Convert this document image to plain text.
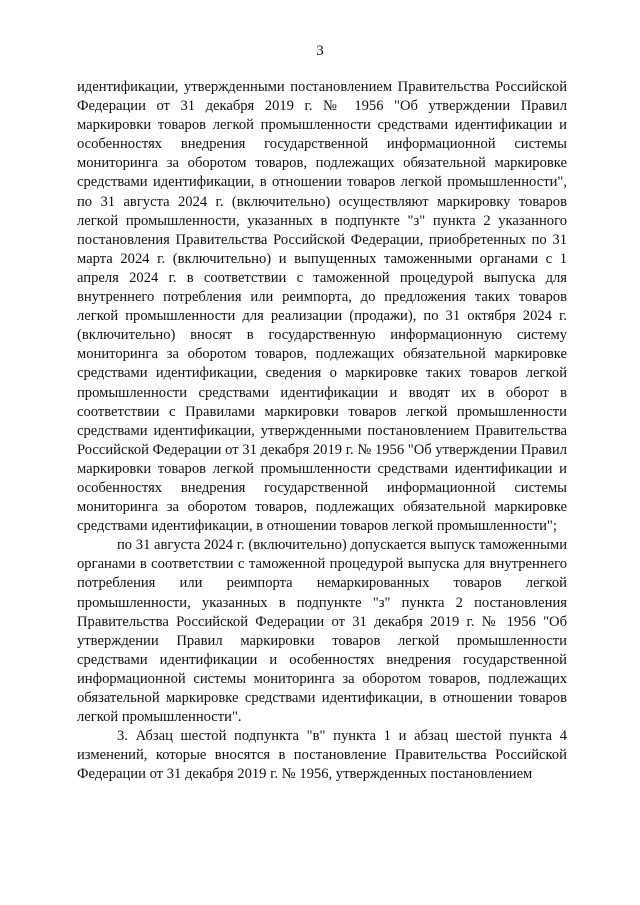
3

идентификации, утвержденными постановлением Правительства Российской Федерации от 31 декабря 2019 г. № 1956 "Об утверждении Правил маркировки товаров легкой промышленности средствами идентификации и особенностях внедрения государственной информационной системы мониторинга за оборотом товаров, подлежащих обязательной маркировке средствами идентификации, в отношении товаров легкой промышленности", по 31 августа 2024 г. (включительно) осуществляют маркировку товаров легкой промышленности, указанных в подпункте "з" пункта 2 указанного постановления Правительства Российской Федерации, приобретенных по 31 марта 2024 г. (включительно) и выпущенных таможенными органами с 1 апреля 2024 г. в соответствии с таможенной процедурой выпуска для внутреннего потребления или реимпорта, до предложения таких товаров легкой промышленности для реализации (продажи), по 31 октября 2024 г. (включительно) вносят в государственную информационную систему мониторинга за оборотом товаров, подлежащих обязательной маркировке средствами идентификации, сведения о маркировке таких товаров легкой промышленности средствами идентификации и вводят их в оборот в соответствии с Правилами маркировки товаров легкой промышленности средствами идентификации, утвержденными постановлением Правительства Российской Федерации от 31 декабря 2019 г. № 1956 "Об утверждении Правил маркировки товаров легкой промышленности средствами идентификации и особенностях внедрения государственной информационной системы мониторинга за оборотом товаров, подлежащих обязательной маркировке средствами идентификации, в отношении товаров легкой промышленности";

по 31 августа 2024 г. (включительно) допускается выпуск таможенными органами в соответствии с таможенной процедурой выпуска для внутреннего потребления или реимпорта немаркированных товаров легкой промышленности, указанных в подпункте "з" пункта 2 постановления Правительства Российской Федерации от 31 декабря 2019 г. № 1956 "Об утверждении Правил маркировки товаров легкой промышленности средствами идентификации и особенностях внедрения государственной информационной системы мониторинга за оборотом товаров, подлежащих обязательной маркировке средствами идентификации, в отношении товаров легкой промышленности".

3. Абзац шестой подпункта "в" пункта 1 и абзац шестой пункта 4 изменений, которые вносятся в постановление Правительства Российской Федерации от 31 декабря 2019 г. № 1956, утвержденных постановлением
